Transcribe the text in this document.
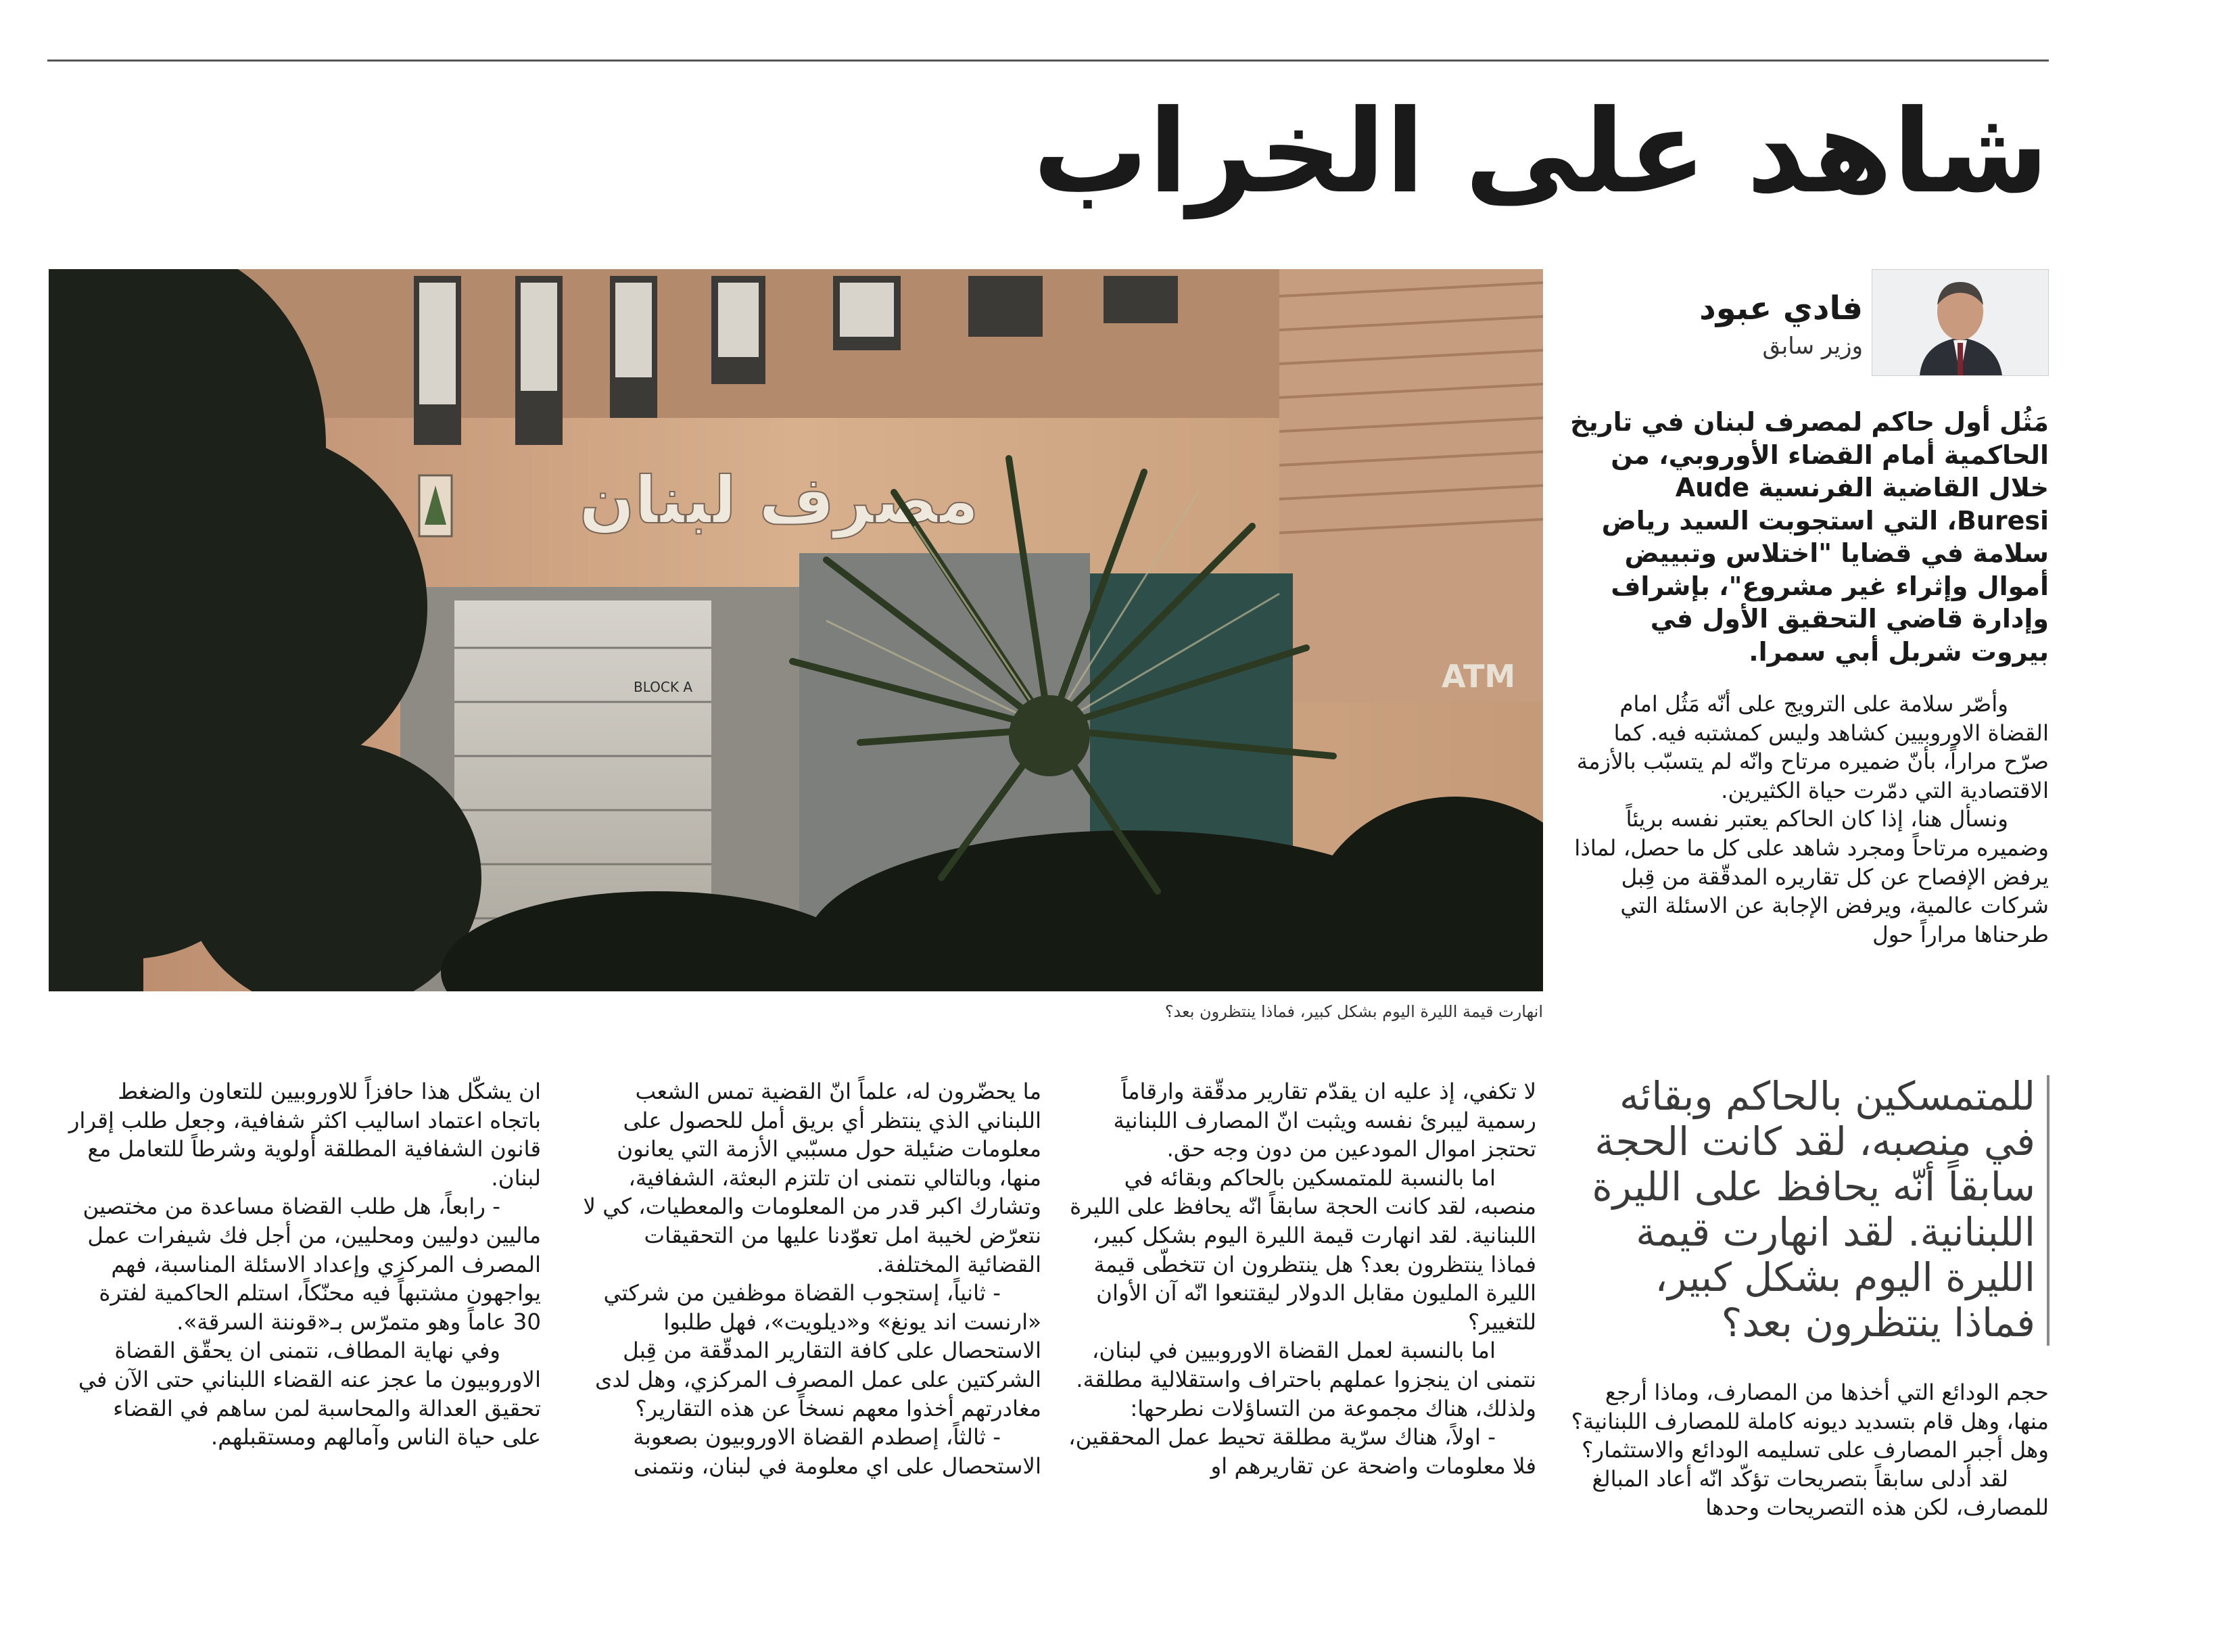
شاهد على الخراب
مصرف لبنان
BLOCK A	ATM
انهارت قيمة الليرة اليوم بشكل كبير، فماذا ينتظرون بعد؟
فادي عبود
وزير سابق

مَثُل أول حاكم لمصرف لبنان في تاريخ الحاكمية أمام القضاء الأوروبي، من خلال القاضية الفرنسية Aude Buresi، التي استجوبت السيد رياض سلامة في قضايا "اختلاس وتبييض أموال وإثراء غير مشروع"، بإشراف وإدارة قاضي التحقيق الأول في بيروت شربل أبي سمرا.

وأصّر سلامة على الترويج على أنّه مَثُل امام القضاة الاوروبيين كشاهد وليس كمشتبه فيه. كما صرّح مراراً، بأنّ ضميره مرتاح وانّه لم يتسبّب بالأزمة الاقتصادية التي دمّرت حياة الكثيرين.

ونسأل هنا، إذا كان الحاكم يعتبر نفسه بريئاً وضميره مرتاحاً ومجرد شاهد على كل ما حصل، لماذا يرفض الإفصاح عن كل تقاريره المدقّقة من قِبل شركات عالمية، ويرفض الإجابة عن الاسئلة التي طرحناها مراراً حول

للمتمسكين بالحاكم وبقائه في منصبه، لقد كانت الحجة سابقاً أنّه يحافظ على الليرة اللبنانية. لقد انهارت قيمة الليرة اليوم بشكل كبير، فماذا ينتظرون بعد؟

حجم الودائع التي أخذها من المصارف، وماذا أرجع منها، وهل قام بتسديد ديونه كاملة للمصارف اللبنانية؟ وهل أجبر المصارف على تسليمه الودائع والاستثمار؟

لقد أدلى سابقاً بتصريحات تؤكّد انّه أعاد المبالغ للمصارف، لكن هذه التصريحات وحدها

لا تكفي، إذ عليه ان يقدّم تقارير مدقّقة وارقاماً رسمية ليبرئ نفسه ويثبت انّ المصارف اللبنانية تحتجز اموال المودعين من دون وجه حق.

اما بالنسبة للمتمسكين بالحاكم وبقائه في منصبه، لقد كانت الحجة سابقاً انّه يحافظ على الليرة اللبنانية. لقد انهارت قيمة الليرة اليوم بشكل كبير، فماذا ينتظرون بعد؟ هل ينتظرون ان تتخطّى قيمة الليرة المليون مقابل الدولار ليقتنعوا انّه آن الأوان للتغيير؟

اما بالنسبة لعمل القضاة الاوروبيين في لبنان، نتمنى ان ينجزوا عملهم باحتراف واستقلالية مطلقة. ولذلك، هناك مجموعة من التساؤلات نطرحها:

- اولاً، هناك سرّية مطلقة تحيط عمل المحققين، فلا معلومات واضحة عن تقاريرهم او

ما يحضّرون له، علماً انّ القضية تمس الشعب اللبناني الذي ينتظر أي بريق أمل للحصول على معلومات ضئيلة حول مسبّبي الأزمة التي يعانون منها، وبالتالي نتمنى ان تلتزم البعثة، الشفافية، وتشارك اكبر قدر من المعلومات والمعطيات، كي لا نتعرّض لخيبة امل تعوّدنا عليها من التحقيقات القضائية المختلفة.

- ثانياً، إستجوب القضاة موظفين من شركتي «ارنست اند يونغ» و«ديلويت»، فهل طلبوا الاستحصال على كافة التقارير المدقّقة من قِبل الشركتين على عمل المصرف المركزي، وهل لدى مغادرتهم أخذوا معهم نسخاً عن هذه التقارير؟

- ثالثاً، إصطدم القضاة الاوروبيون بصعوبة الاستحصال على اي معلومة في لبنان، ونتمنى

ان يشكّل هذا حافزاً للاوروبيين للتعاون والضغط باتجاه اعتماد اساليب اكثر شفافية، وجعل طلب إقرار قانون الشفافية المطلقة أولوية وشرطاً للتعامل مع لبنان.

- رابعاً، هل طلب القضاة مساعدة من مختصين ماليين دوليين ومحليين، من أجل فك شيفرات عمل المصرف المركزي وإعداد الاسئلة المناسبة، فهم يواجهون مشتبهاً فيه محنّكاً، استلم الحاكمية لفترة 30 عاماً وهو متمرّس بـ«قوننة السرقة».

وفي نهاية المطاف، نتمنى ان يحقّق القضاة الاوروبيون ما عجز عنه القضاء اللبناني حتى الآن في تحقيق العدالة والمحاسبة لمن ساهم في القضاء على حياة الناس وآمالهم ومستقبلهم.
